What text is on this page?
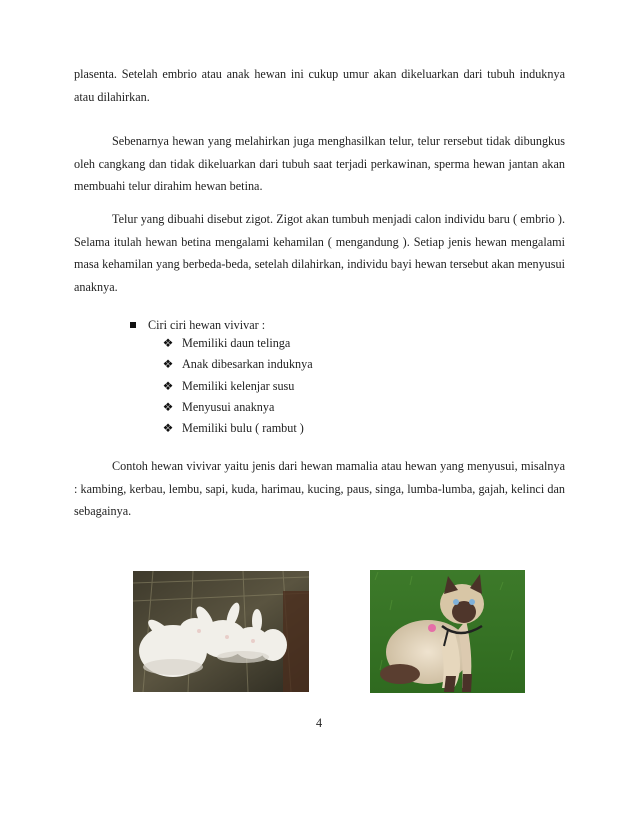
plasenta. Setelah embrio atau anak hewan ini cukup umur akan dikeluarkan dari tubuh induknya atau dilahirkan.

Sebenarnya hewan yang melahirkan juga menghasilkan telur, telur rersebut tidak dibungkus oleh cangkang dan tidak dikeluarkan dari tubuh saat terjadi perkawinan, sperma hewan jantan akan membuahi telur dirahim hewan betina.

Telur yang dibuahi disebut zigot. Zigot akan tumbuh menjadi calon individu baru ( embrio ). Selama itulah hewan betina mengalami kehamilan ( mengandung ). Setiap jenis hewan mengalami masa kehamilan yang berbeda-beda, setelah dilahirkan, individu bayi hewan tersebut akan menyusui anaknya.

Ciri ciri hewan vivivar :
❖ Memiliki daun telinga
❖ Anak dibesarkan induknya
❖ Memiliki kelenjar susu
❖ Menyusui anaknya
❖ Memiliki bulu ( rambut )

Contoh hewan vivivar yaitu jenis dari hewan mamalia atau hewan yang menyusui, misalnya : kambing, kerbau, lembu, sapi, kuda, harimau, kucing, paus, singa, lumba-lumba, gajah, kelinci dan sebagainya.

4
